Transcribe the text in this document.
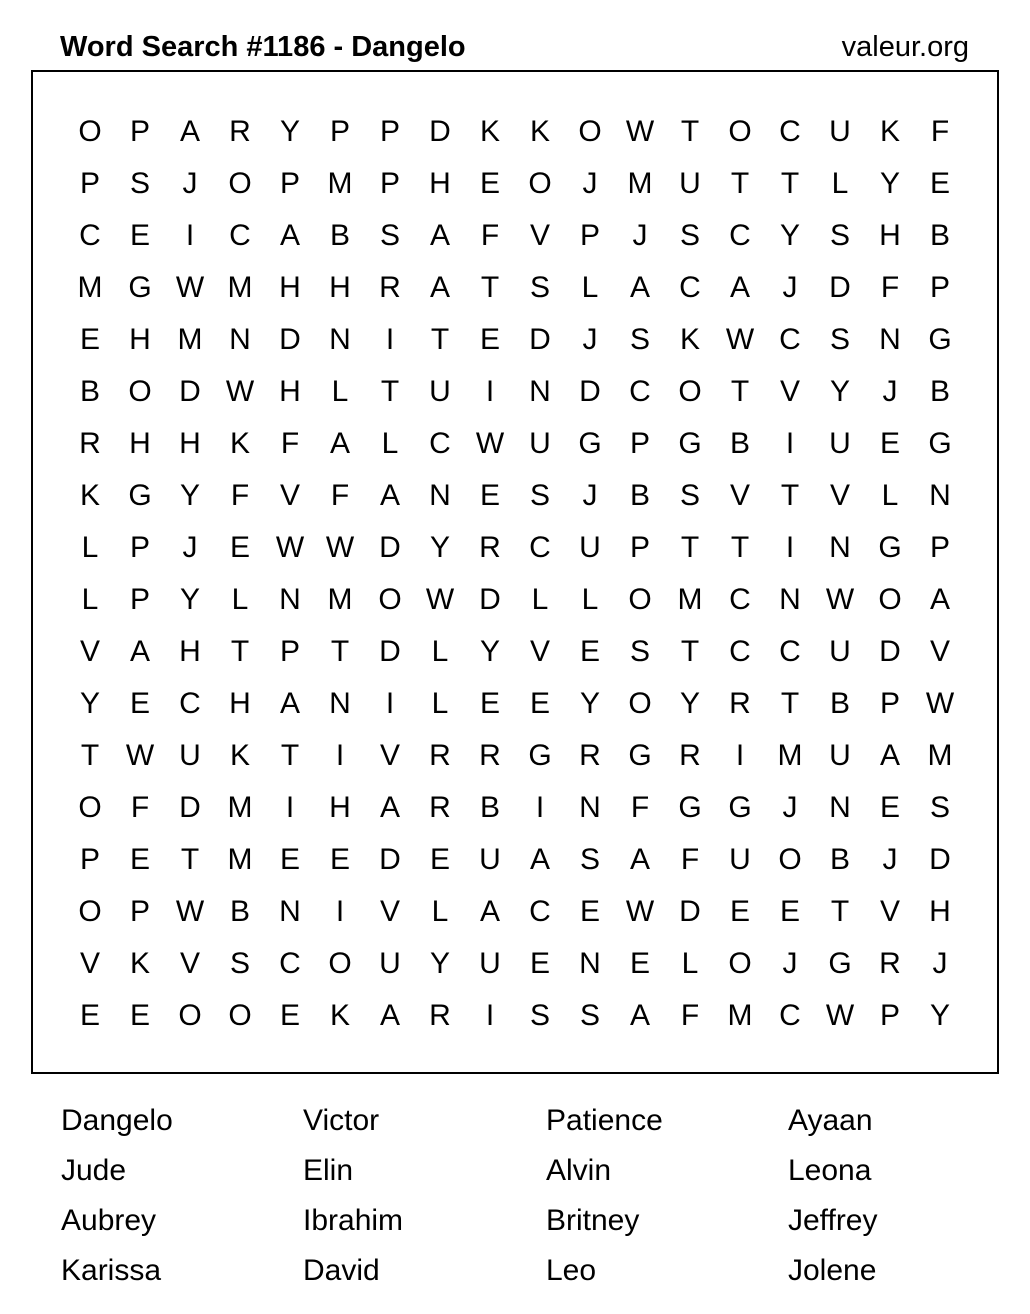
Word Search #1186 - Dangelo	valeur.org
O P A R Y P P D K K O W T O C U K	F
P S	J	O P M P H E O	J	M U	T	T	L	Y E
C E	I	C A B S A	F	V P	J	S C Y S H B
M G W M H H R A	T	S	L	A C A	J	D	F	P
E H M N D N	I	T	E D	J	S K W C S N G
B O D W H	L	T	U	I	N D C O T	V Y	J	B
R H H K	F	A	L	C W U G P G B	I	U E G
K G Y	F	V	F	A N E S	J	B S V	T	V	L	N
L	P	J	E W W D Y R C U P	T	T	I	N G P
L	P Y	L	N M O W D	L	L O M C N W O A
V A H	T	P	T	D	L	Y V E S	T	C C U D V
Y E C H A N	I	L	E E Y O Y R	T	B P W
T W U K	T	I	V R R G R G R	I	M U A M
O F	D M	I	H A R B	I	N	F G G	J	N E S
P E	T M E E D E U A S A	F	U O B	J	D
O P W B N	I	V	L	A C E W D E E	T	V H
V K V S C O U Y U E N E	L O	J	G R	J
E E O O E K A R	I	S S A	F M C W P Y
Dangelo	Victor	Patience	Ayaan
Jude	Elin	Alvin	Leona
Aubrey	Ibrahim	Britney	Jeffrey
Karissa	David	Leo	Jolene
